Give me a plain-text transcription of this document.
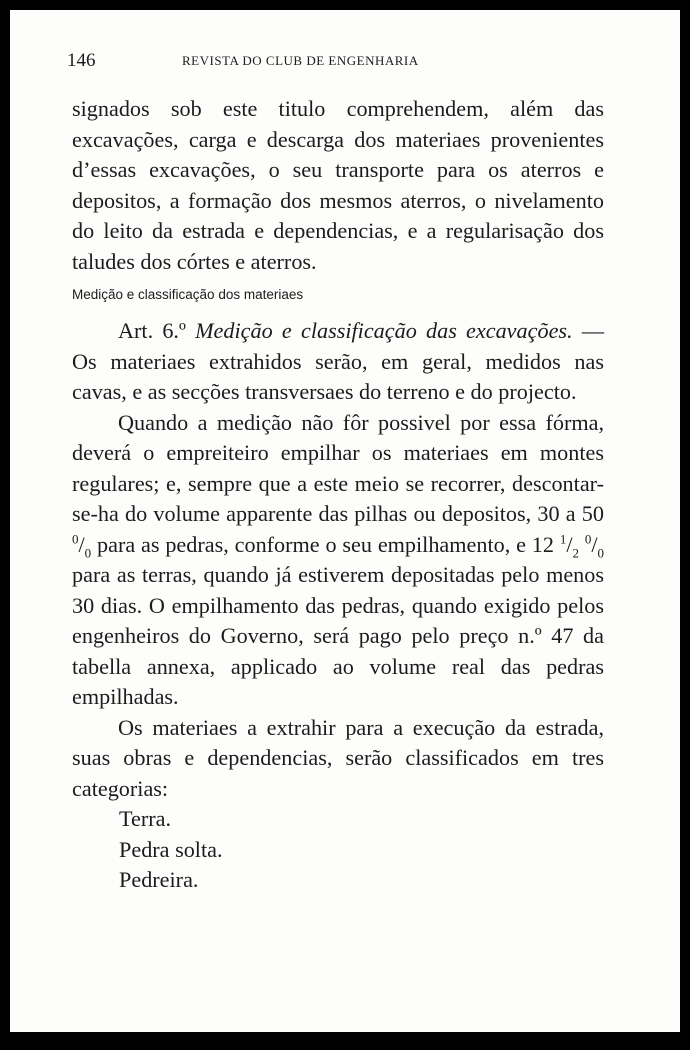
146	REVISTA DO CLUB DE ENGENHARIA

signados sob este titulo comprehendem, além das excavações, carga e descarga dos materiaes provenientes d’essas excavações, o seu transporte para os aterros e depositos, a formação dos mesmos aterros, o nivelamento do leito da estrada e dependencias, e a regularisação dos taludes dos córtes e aterros.

Medição e classificação dos materiaes

Art. 6.º Medição e classificação das excavações. — Os materiaes extrahidos serão, em geral, medidos nas cavas, e as secções transversaes do terreno e do projecto.

Quando a medição não fôr possivel por essa fórma, deverá o empreiteiro empilhar os materiaes em montes regulares; e, sempre que a este meio se recorrer, descontar-se-ha do volume apparente das pilhas ou depositos, 30 a 50 $^0/_0$ para as pedras, conforme o seu empilhamento, e 12 $^1/_2$ $^0/_0$ para as terras, quando já estiverem depositadas pelo menos 30 dias. O empilhamento das pedras, quando exigido pelos engenheiros do Governo, será pago pelo preço n.º 47 da tabella annexa, applicado ao volume real das pedras empilhadas.

Os materiaes a extrahir para a execução da estrada, suas obras e dependencias, serão classificados em tres categorias:

Terra.

Pedra solta.

Pedreira.
